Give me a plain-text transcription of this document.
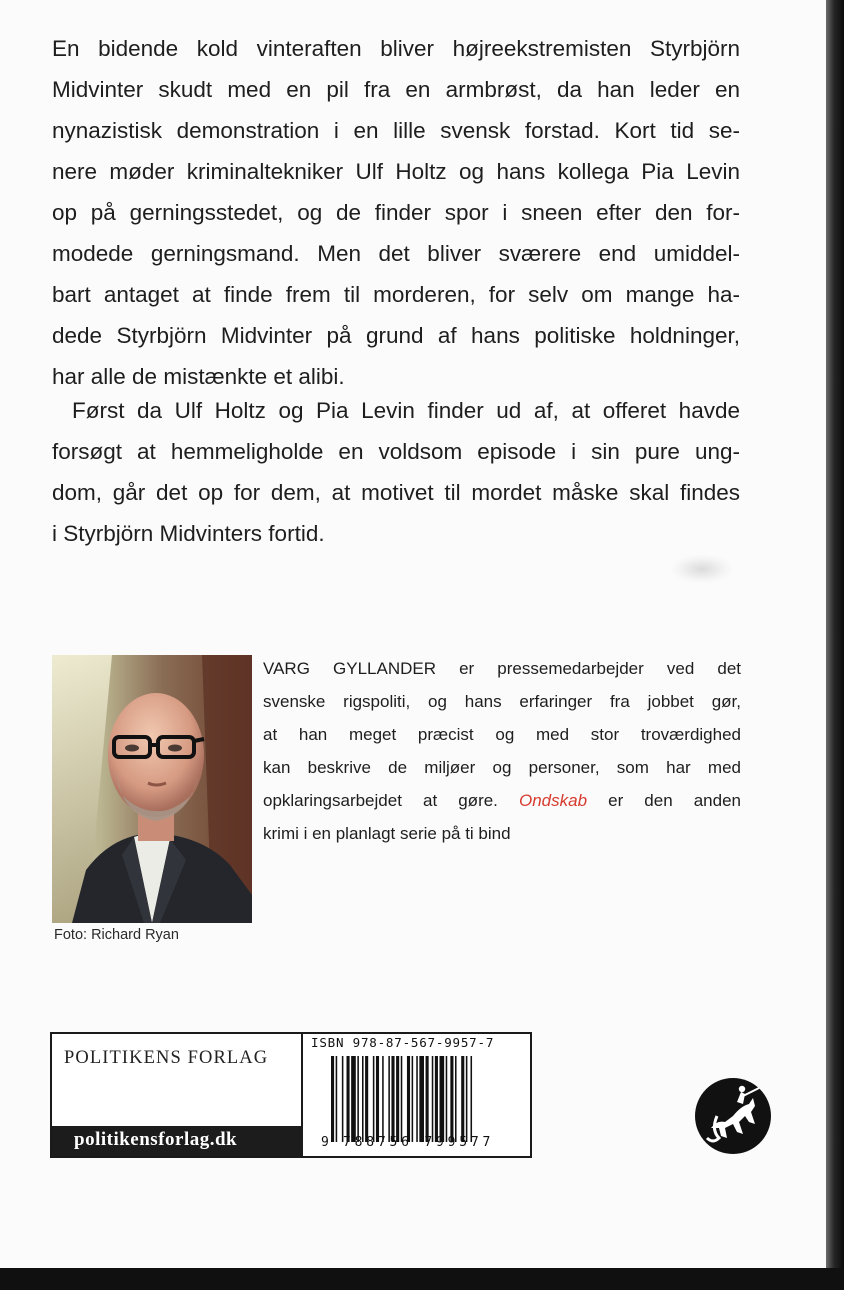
En bidende kold vinteraften bliver højreekstremisten Styrbjörn
Midvinter skudt med en pil fra en armbrøst, da han leder en
nynazistisk demonstration i en lille svensk forstad. Kort tid se-
nere møder kriminaltekniker Ulf Holtz og hans kollega Pia Levin
op på gerningsstedet, og de finder spor i sneen efter den for-
modede gerningsmand. Men det bliver sværere end umiddel-
bart antaget at finde frem til morderen, for selv om mange ha-
dede Styrbjörn Midvinter på grund af hans politiske holdninger,
har alle de mistænkte et alibi.
Først da Ulf Holtz og Pia Levin finder ud af, at offeret havde
forsøgt at hemmeligholde en voldsom episode i sin pure ung-
dom, går det op for dem, at motivet til mordet måske skal findes
i Styrbjörn Midvinters fortid.
Foto: Richard Ryan
VARG GYLLANDER er pressemedarbejder ved det
svenske rigspoliti, og hans erfaringer fra jobbet gør,
at han meget præcist og med stor troværdighed
kan beskrive de miljøer og personer, som har med
opklaringsarbejdet at gøre. Ondskab er den anden
krimi i en planlagt serie på ti bind
POLITIKENS FORLAG
politikensforlag.dk
ISBN 978-87-567-9957-7
9 788756 799577
